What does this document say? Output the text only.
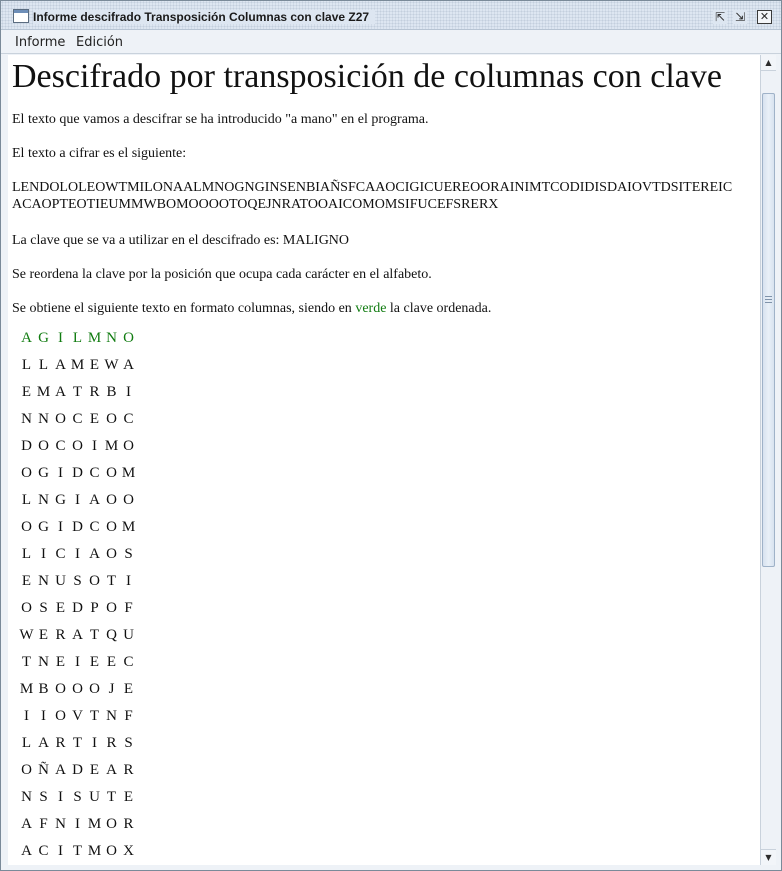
Informe descifrado Transposición Columnas con clave Z27	⇱ ⇲ ✕
Informe Edición
Descifrado por transposición de columnas con clave

El texto que vamos a descifrar se ha introducido "a mano" en el programa.

El texto a cifrar es el siguiente:

LENDOLOLEOWTMILONAALMNOGNGINSENBIAÑSFCAAOCIGICUEREOORAINIMTCODIDISDAIOVTDSITEREIC
ACAOPTEOTIEUMMWBOMOOOOTOQEJNRATOOAICOMOMSIFUCEFSRERX

La clave que se va a utilizar en el descifrado es: MALIGNO

Se reordena la clave por la posición que ocupa cada carácter en el alfabeto.

Se obtiene el siguiente texto en formato columnas, siendo en verde la clave ordenada.

A G I L M N O
L L A M E W A
E M A T R B I
N N O C E O C
D O C O I M O
O G I D C O M
L N G I A O O
O G I D C O M
L I C I A O S
E N U S O T I
O S E D P O F
W E R A T Q U
T N E I E E C
M B O O O J E
I I O V T N F
L A R T I R S
O Ñ A D E A R
N S I S U T E
A F N I M O R
A C I T M O X
▲
▼
